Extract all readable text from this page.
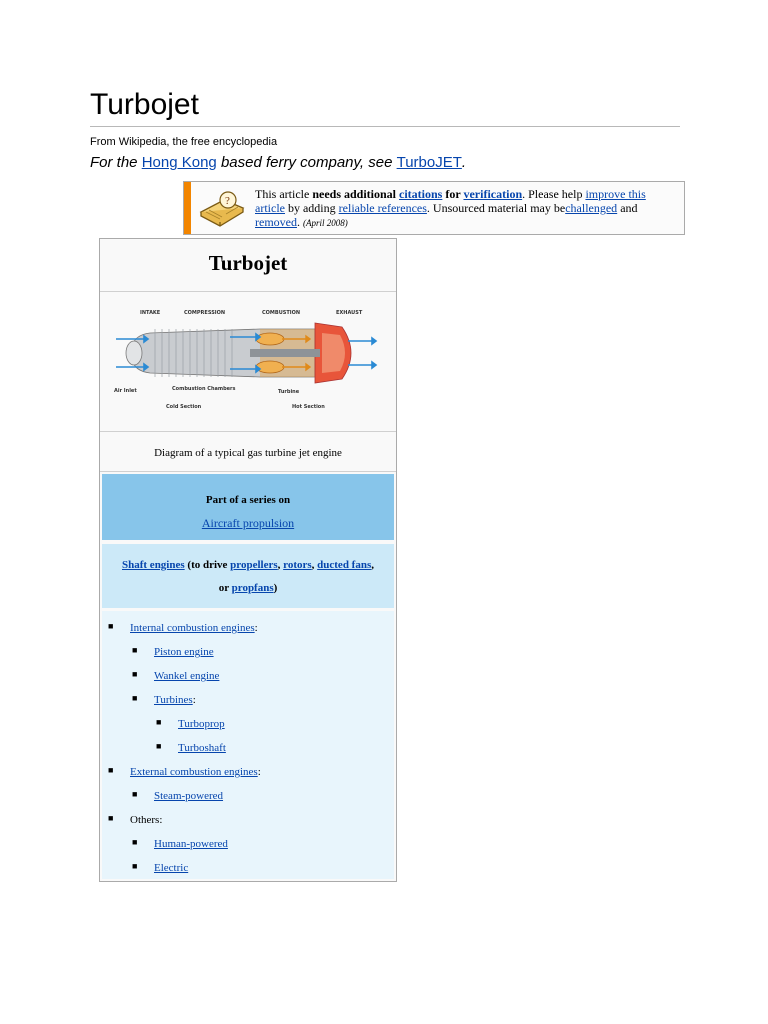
Turbojet
From Wikipedia, the free encyclopedia
For the Hong Kong based ferry company, see TurboJET.
? This article needs additional citations for verification. Please help improve this article by adding reliable references. Unsourced material may bechallenged and removed. (April 2008)
Turbojet
INTAKE	COMPRESSION	COMBUSTION	EXHAUST
Air Inlet	Combustion Chambers	Turbine
Cold Section	Hot Section
Diagram of a typical gas turbine jet engine
Part of a series on
Aircraft propulsion
Shaft engines (to drive propellers, rotors, ducted fans,
or propfans)
■ Internal combustion engines:
■ Piston engine
■ Wankel engine
■ Turbines:
■ Turboprop
■ Turboshaft
■ External combustion engines:
■ Steam-powered
■ Others:
■ Human-powered
■ Electric
